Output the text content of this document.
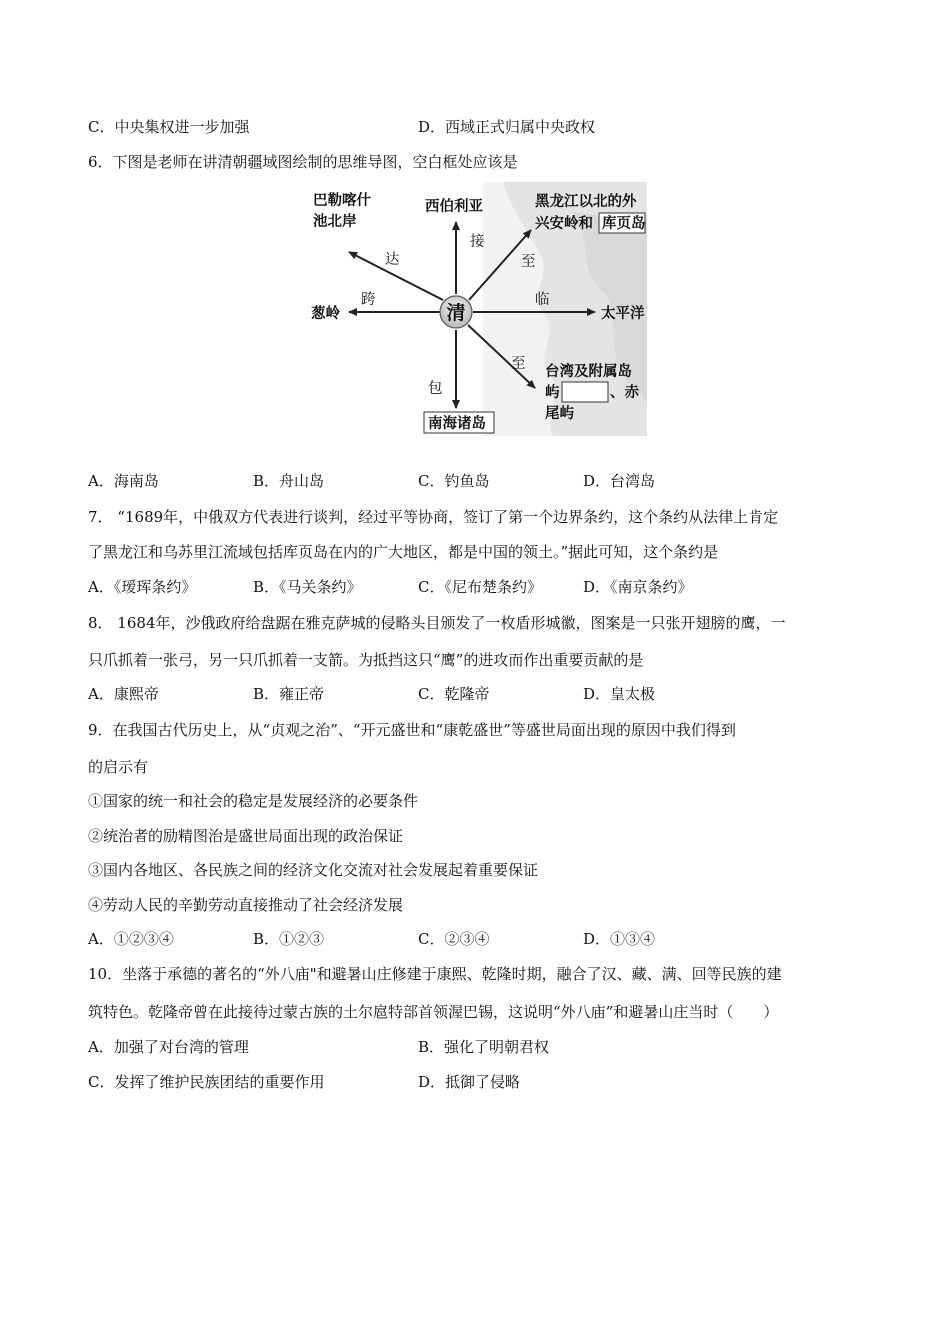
C．中央集权进一步加强	D．西域正式归属中央政权
6．下图是老师在讲清朝疆域图绘制的思维导图，空白框处应该是
清
巴勒喀什
池北岸
达
西伯利亚
接
黑龙江以北的外
兴安岭和 库页岛
至
葱岭
跨
太平洋
临
至 台湾及附属岛
屿	、赤
尾屿
包
南海诸岛
A．海南岛	B．舟山岛	C．钓鱼岛	D．台湾岛
7． “1689年，中俄双方代表进行谈判，经过平等协商，签订了第一个边界条约，这个条约从法律上肯定
了黑龙江和乌苏里江流域包括库页岛在内的广大地区，都是中国的领土。”据此可知，这个条约是
A．《瑷珲条约》	B．《马关条约》	C．《尼布楚条约》	D．《南京条约》
8． 1684年，沙俄政府给盘踞在雅克萨城的侵略头目颁发了一枚盾形城徽，图案是一只张开翅膀的鹰，一
只爪抓着一张弓，另一只爪抓着一支箭。为抵挡这只“鹰”的进攻而作出重要贡献的是
A．康熙帝	B．雍正帝	C．乾隆帝	D．皇太极
9．在我国古代历史上，从“贞观之治”、“开元盛世和“康乾盛世”等盛世局面出现的原因中我们得到
的启示有
①国家的统一和社会的稳定是发展经济的必要条件
②统治者的励精图治是盛世局面出现的政治保证
③国内各地区、各民族之间的经济文化交流对社会发展起着重要保证
④劳动人民的辛勤劳动直接推动了社会经济发展
A．①②③④	B．①②③	C．②③④	D．①③④
10．坐落于承德的著名的“外八庙"和避暑山庄修建于康熙、乾隆时期，融合了汉、藏、满、回等民族的建
筑特色。乾隆帝曾在此接待过蒙古族的土尔扈特部首领渥巴锡，这说明“外八庙”和避暑山庄当时（　　）
A．加强了对台湾的管理	B．强化了明朝君权
C．发挥了维护民族团结的重要作用	D．抵御了侵略
